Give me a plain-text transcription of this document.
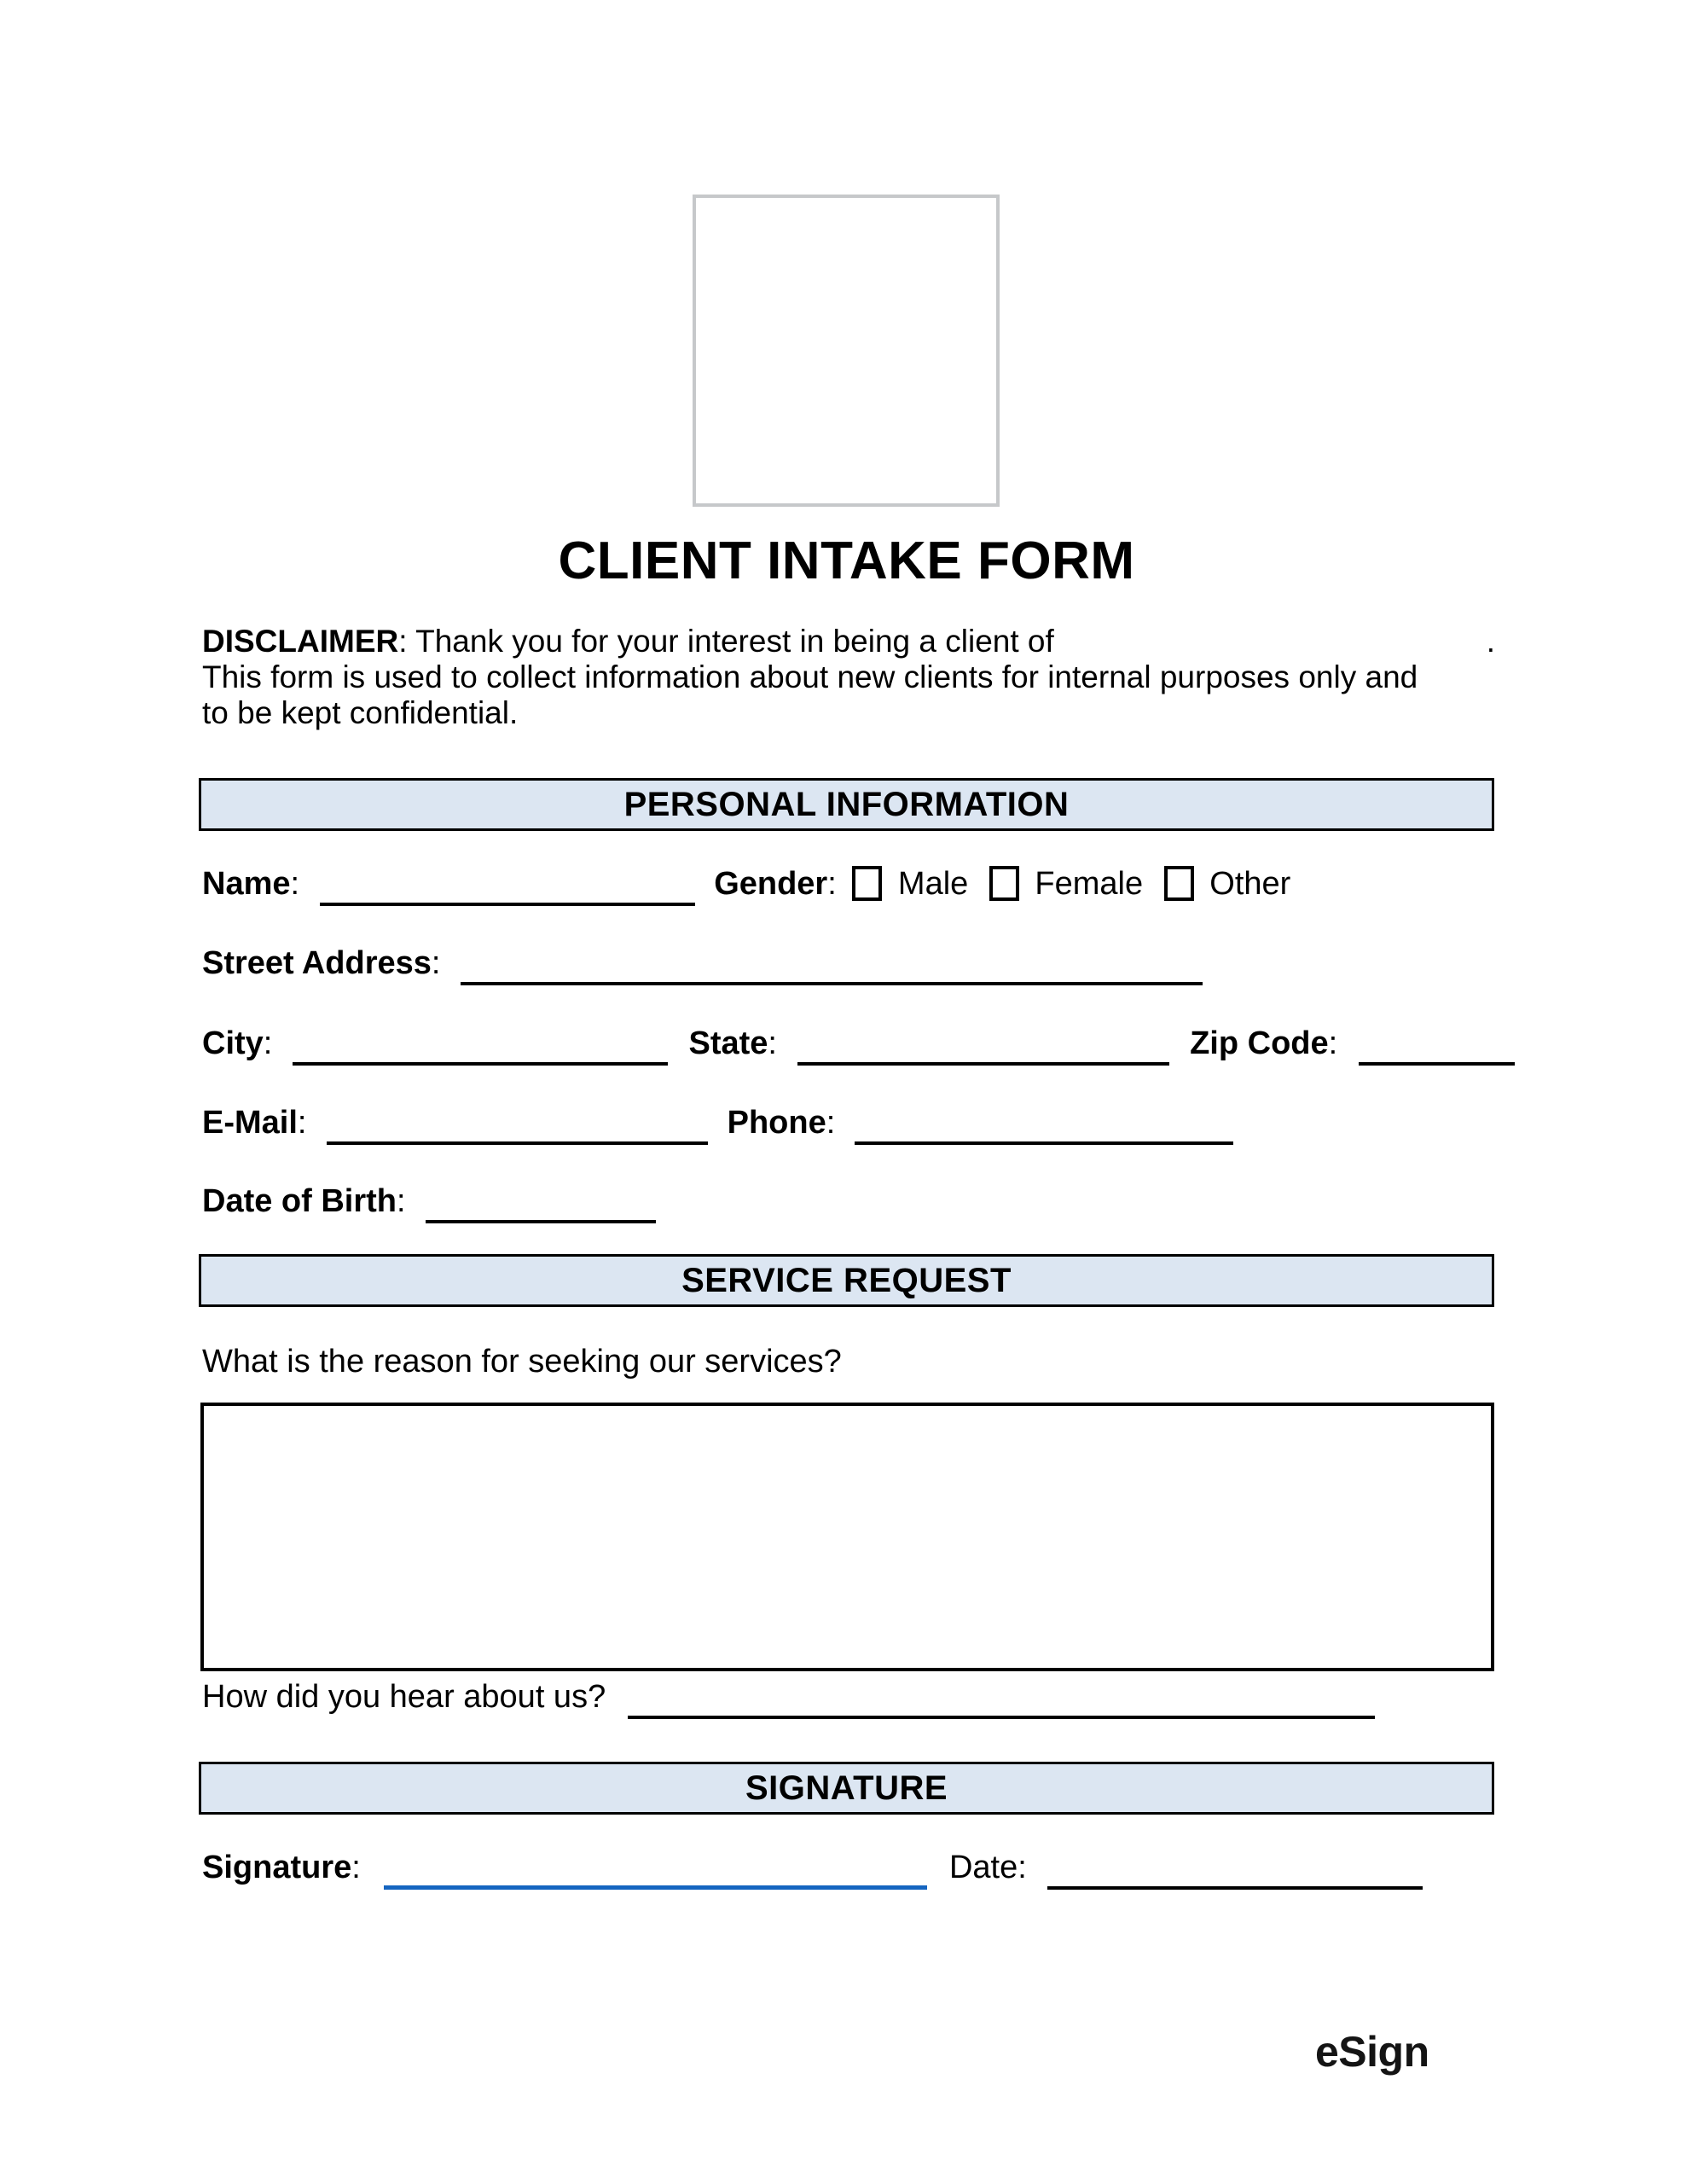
CLIENT INTAKE FORM
DISCLAIMER: Thank you for your interest in being a client of	.
This form is used to collect information about new clients for internal purposes only and
to be kept confidential.
PERSONAL INFORMATION
Name:	Gender: Male Female Other
Street Address:
City:	State:	Zip Code:
E-Mail:	Phone:
Date of Birth:
SERVICE REQUEST
What is the reason for seeking our services?
How did you hear about us?
SIGNATURE
Signature:	Date:
eSign
